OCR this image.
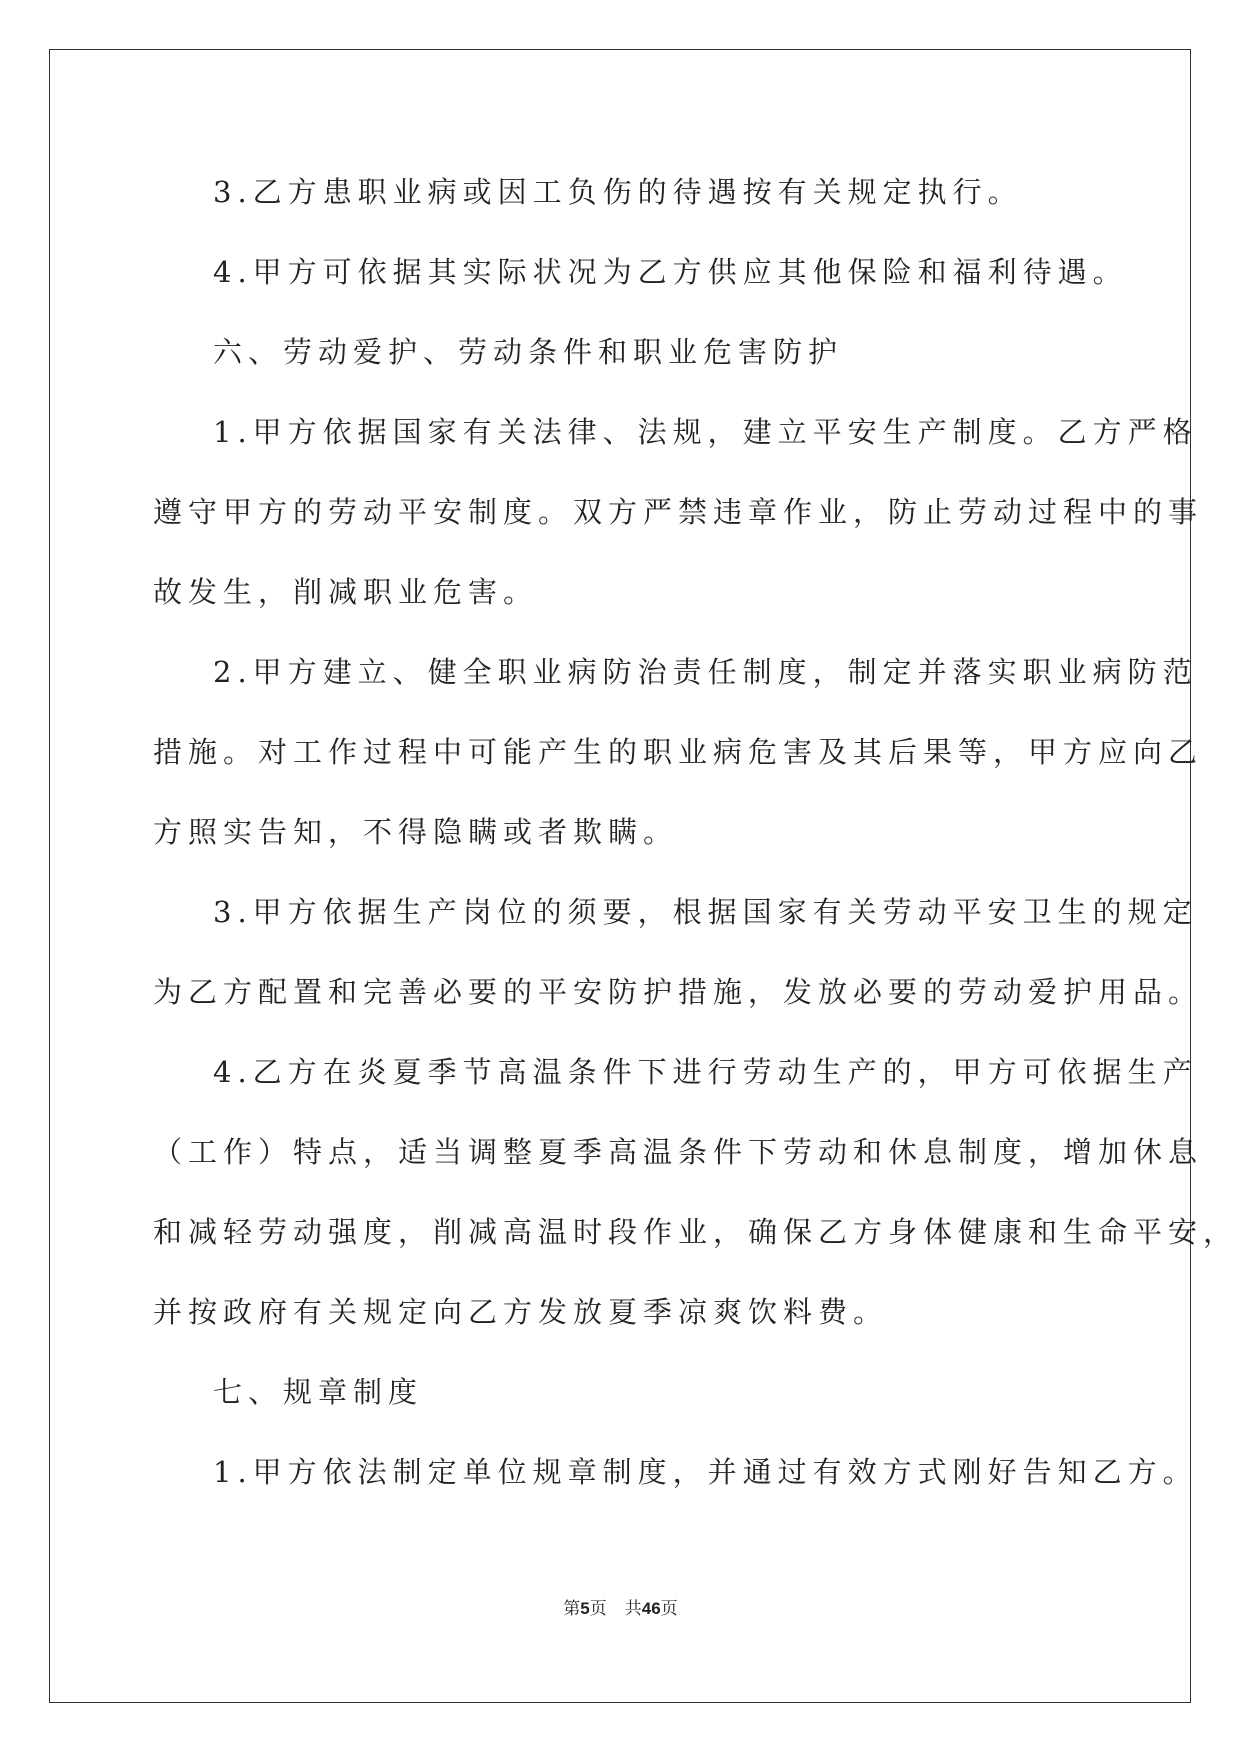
3.乙方患职业病或因工负伤的待遇按有关规定执行。
4.甲方可依据其实际状况为乙方供应其他保险和福利待遇。
六、劳动爱护、劳动条件和职业危害防护
1.甲方依据国家有关法律、法规，建立平安生产制度。乙方严格
遵守甲方的劳动平安制度。双方严禁违章作业，防止劳动过程中的事
故发生，削减职业危害。
2.甲方建立、健全职业病防治责任制度，制定并落实职业病防范
措施。对工作过程中可能产生的职业病危害及其后果等，甲方应向乙
方照实告知，不得隐瞒或者欺瞒。
3.甲方依据生产岗位的须要，根据国家有关劳动平安卫生的规定
为乙方配置和完善必要的平安防护措施，发放必要的劳动爱护用品。
4.乙方在炎夏季节高温条件下进行劳动生产的，甲方可依据生产
（工作）特点，适当调整夏季高温条件下劳动和休息制度，增加休息
和减轻劳动强度，削减高温时段作业，确保乙方身体健康和生命平安，
并按政府有关规定向乙方发放夏季凉爽饮料费。
七、规章制度
1.甲方依法制定单位规章制度，并通过有效方式刚好告知乙方。
第5页 共46页
